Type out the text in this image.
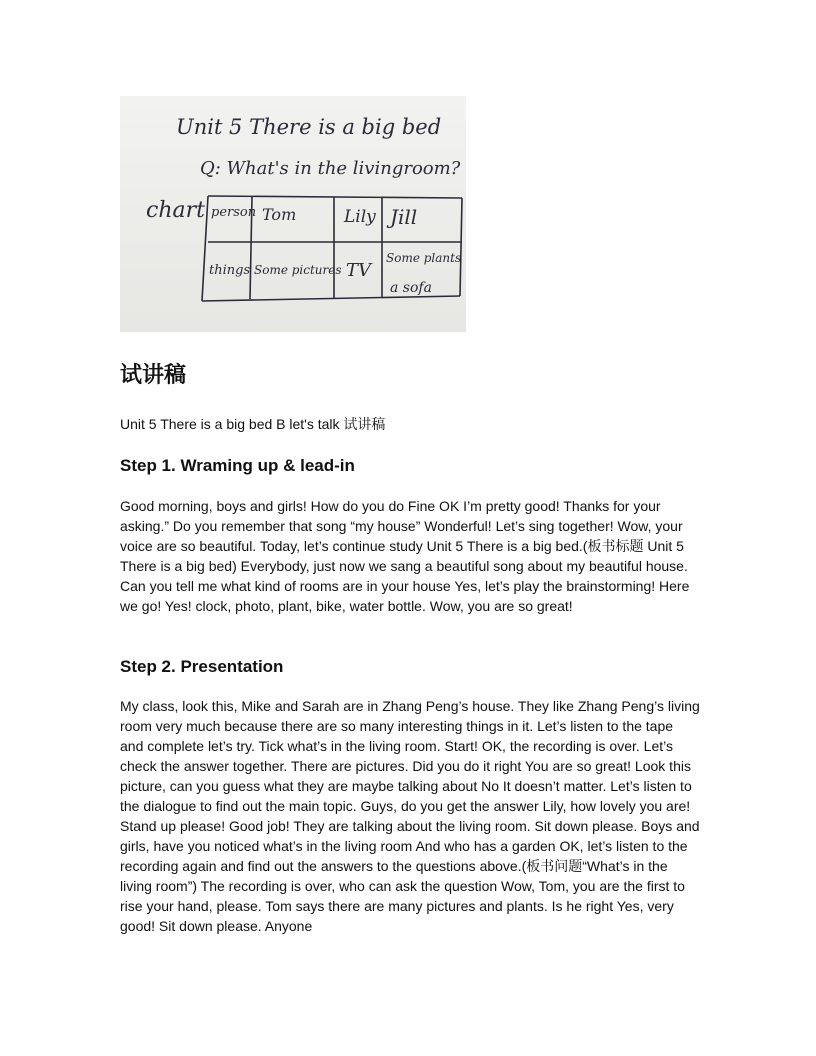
Unit 5 There is a big bed
Q: What's in the livingroom?
chart person Tom	Lily Jill
things Some pictures TV
Some plants
a sofa
试讲稿

Unit 5 There is a big bed B let's talk 试讲稿

Step 1. Wraming up & lead-in

Good morning, boys and girls! How do you do Fine OK I’m pretty good! Thanks for your asking.” Do you remember that song “my house” Wonderful! Let’s sing together! Wow, your voice are so beautiful. Today, let’s continue study Unit 5 There is a big bed.(板书标题 Unit 5 There is a big bed) Everybody, just now we sang a beautiful song about my beautiful house. Can you tell me what kind of rooms are in your house Yes, let’s play the brainstorming! Here we go! Yes! clock, photo, plant, bike, water bottle. Wow, you are so great!

Step 2. Presentation

My class, look this, Mike and Sarah are in Zhang Peng’s house. They like Zhang Peng’s living room very much because there are so many interesting things in it. Let’s listen to the tape and complete let’s try. Tick what’s in the living room. Start! OK, the recording is over. Let’s check the answer together. There are pictures. Did you do it right You are so great! Look this picture, can you guess what they are maybe talking about No It doesn’t matter. Let’s listen to the dialogue to find out the main topic. Guys, do you get the answer Lily, how lovely you are! Stand up please! Good job! They are talking about the living room. Sit down please. Boys and girls, have you noticed what’s in the living room And who has a garden OK, let’s listen to the recording again and find out the answers to the questions above.(板书问题“What’s in the living room”) The recording is over, who can ask the question Wow, Tom, you are the first to rise your hand, please. Tom says there are many pictures and plants. Is he right Yes, very good! Sit down please. Anyone
